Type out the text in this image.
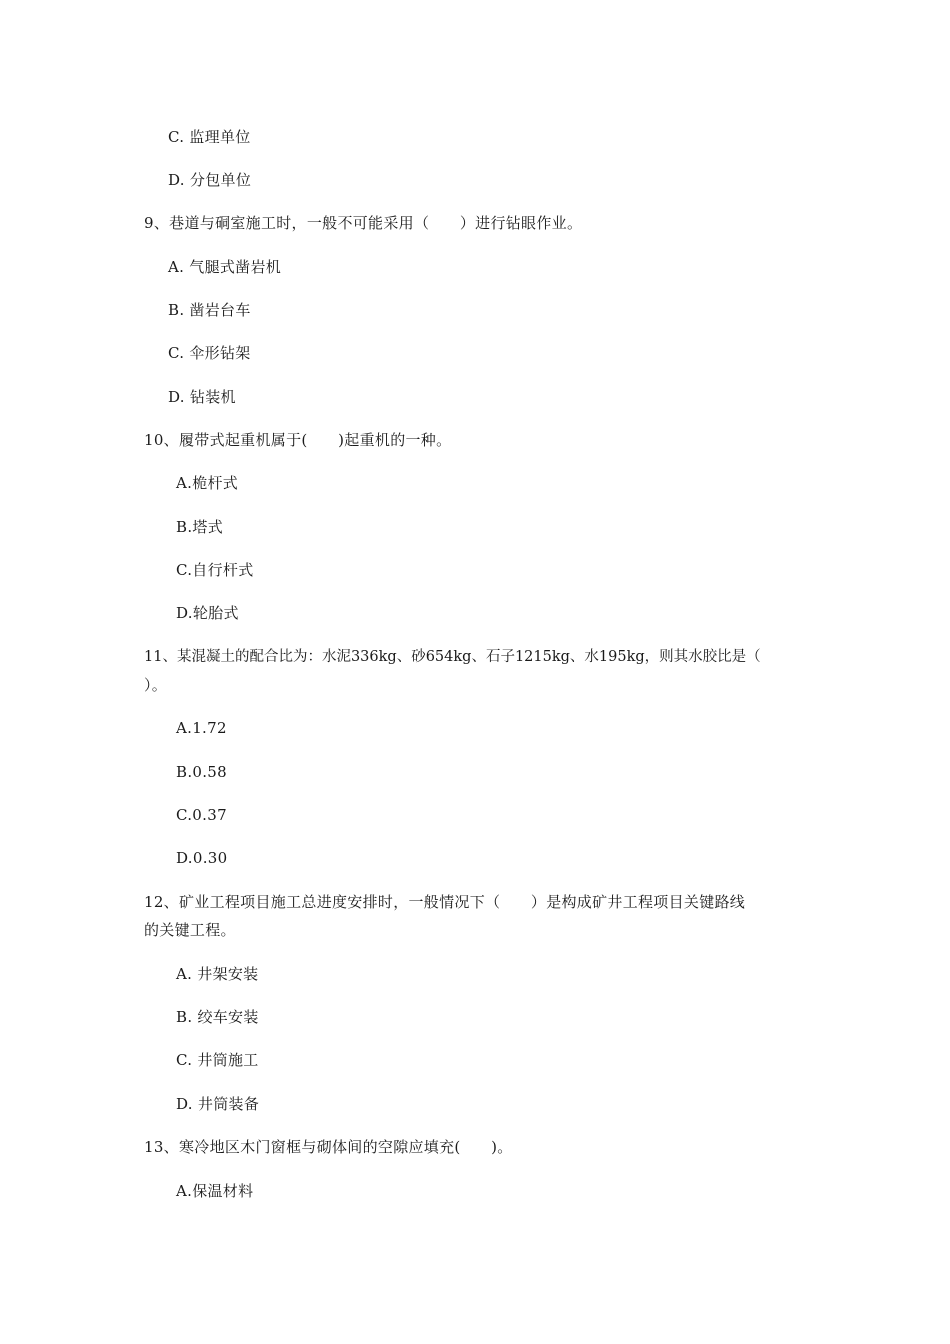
C. 监理单位
D. 分包单位
9、巷道与硐室施工时，一般不可能采用（　　）进行钻眼作业。
A. 气腿式凿岩机
B. 凿岩台车
C. 伞形钻架
D. 钻装机
10、履带式起重机属于(　　)起重机的一种。
A.桅杆式
B.塔式
C.自行杆式
D.轮胎式
11、某混凝土的配合比为：水泥336kg、砂654kg、石子1215kg、水195kg，则其水胶比是（
）。
A.1.72
B.0.58
C.0.37
D.0.30
12、矿业工程项目施工总进度安排时，一般情况下（　　）是构成矿井工程项目关键路线
的关键工程。
A. 井架安装
B. 绞车安装
C. 井筒施工
D. 井筒装备
13、寒冷地区木门窗框与砌体间的空隙应填充(　　)。
A.保温材料
